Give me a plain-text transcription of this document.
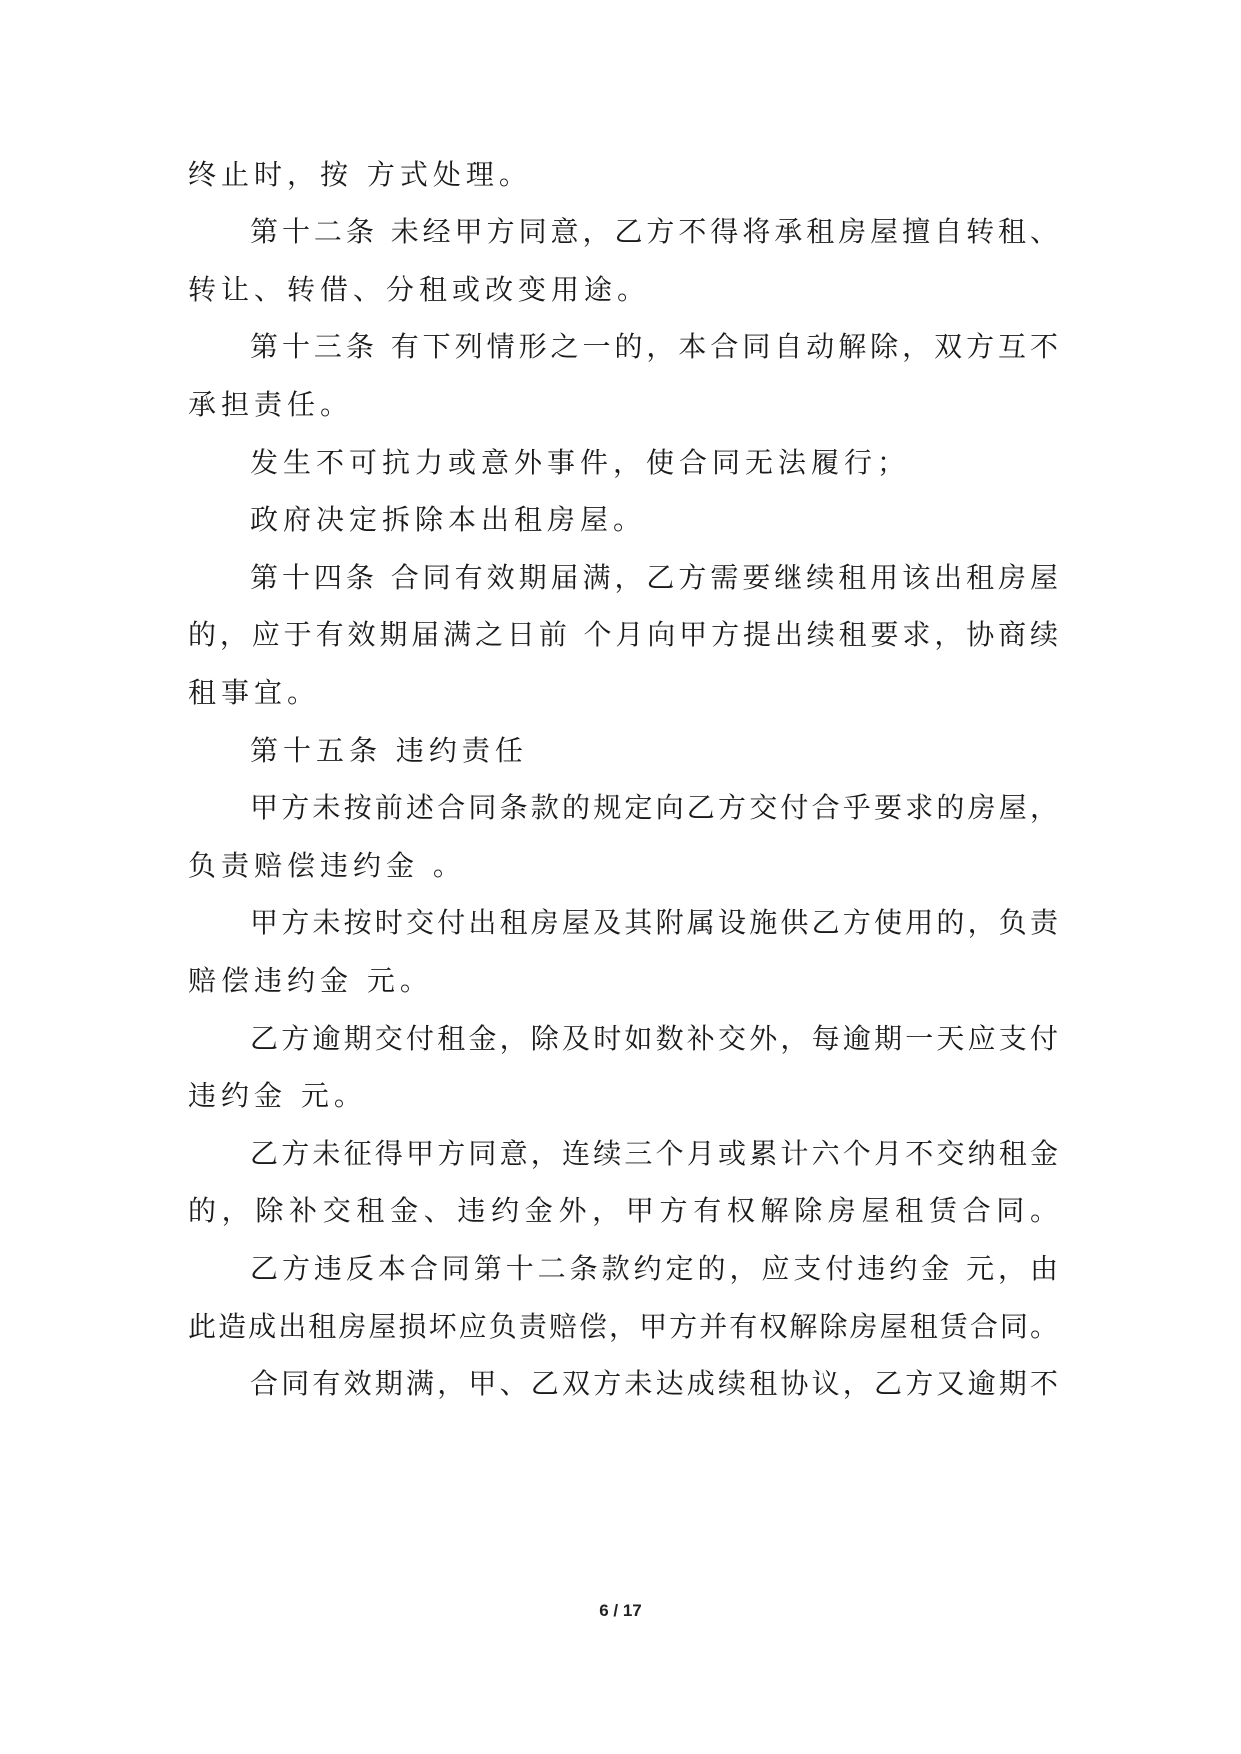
终止时，按 方式处理。
第十二条 未经甲方同意，乙方不得将承租房屋擅自转租、
转让、转借、分租或改变用途。
第十三条 有下列情形之一的，本合同自动解除，双方互不
承担责任。
发生不可抗力或意外事件，使合同无法履行；
政府决定拆除本出租房屋。
第十四条 合同有效期届满，乙方需要继续租用该出租房屋
的，应于有效期届满之日前 个月向甲方提出续租要求，协商续
租事宜。
第十五条 违约责任
甲方未按前述合同条款的规定向乙方交付合乎要求的房屋，
负责赔偿违约金 。
甲方未按时交付出租房屋及其附属设施供乙方使用的，负责
赔偿违约金 元。
乙方逾期交付租金，除及时如数补交外，每逾期一天应支付
违约金 元。
乙方未征得甲方同意，连续三个月或累计六个月不交纳租金
的，除补交租金、违约金外，甲方有权解除房屋租赁合同。
乙方违反本合同第十二条款约定的，应支付违约金 元，由
此造成出租房屋损坏应负责赔偿，甲方并有权解除房屋租赁合同。
合同有效期满，甲、乙双方未达成续租协议，乙方又逾期不
6 / 17
